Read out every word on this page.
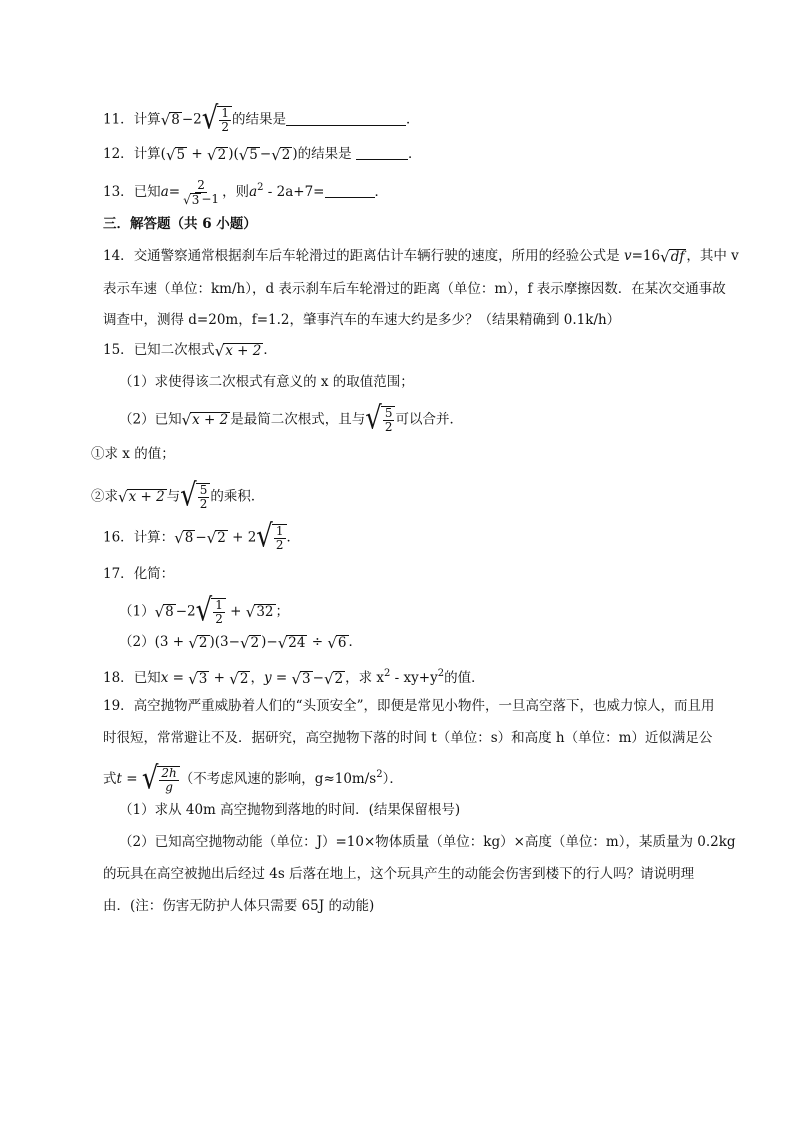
11．计算 √ 8 −2 √ $\frac{1}{2}$ 的结果是	．
12．计算( √ 5 + √ 2 )( √ 5 − √ 2 )的结果是	．
13．已知$a= \frac{2}{√ 3 -1}$ ，则$a^2 - 2a+7=$	．
三．解答题（共 6 小题）
14．交通警察通常根据刹车后车轮滑过的距离估计车辆行驶的速度，所用的经验公式是 v=16 √ df ，其中 v
表示车速（单位：km/h），d 表示刹车后车轮滑过的距离（单位：m），f 表示摩擦因数．在某次交通事故
调查中，测得 d=20m，f=1.2，肇事汽车的车速大约是多少？（结果精确到 0.1k/h）
15．已知二次根式 √ x + 2 ．
（1）求使得该二次根式有意义的 x 的取值范围；
（2）已知 √ x + 2 是最简二次根式，且与 √ $\frac{5}{2}$ 可以合并．
①求 x 的值；
②求 √ x + 2 与 √ $\frac{5}{2}$ 的乘积．
16．计算： √ 8 − √ 2 + 2 √ $\frac{1}{2}$ ．
17．化简：
（1） √ 8 −2 √ $\frac{1}{2}$ + √ 32 ；
（2）(3 + √ 2 )(3− √ 2 )− √ 24 ÷ √ 6 ．
18．已知x = √ 3 + √ 2 ，y = √ 3 − √ 2 ，求 $x^2 - xy+y^2$的值．
19．高空抛物严重威胁着人们的“头顶安全”，即便是常见小物件，一旦高空落下，也威力惊人，而且用
时很短，常常避让不及．据研究，高空抛物下落的时间 t（单位：s）和高度 h（单位：m）近似满足公
式t = √ $\frac{2h}{g}$ （不考虑风速的影响，$g\approx 10m/s^2$）．
（1）求从 40m 高空抛物到落地的时间．(结果保留根号)
（2）已知高空抛物动能（单位：J）=10×物体质量（单位：kg）×高度（单位：m），某质量为 0.2kg
的玩具在高空被抛出后经过 4s 后落在地上，这个玩具产生的动能会伤害到楼下的行人吗？请说明理
由．(注：伤害无防护人体只需要 65J 的动能)
